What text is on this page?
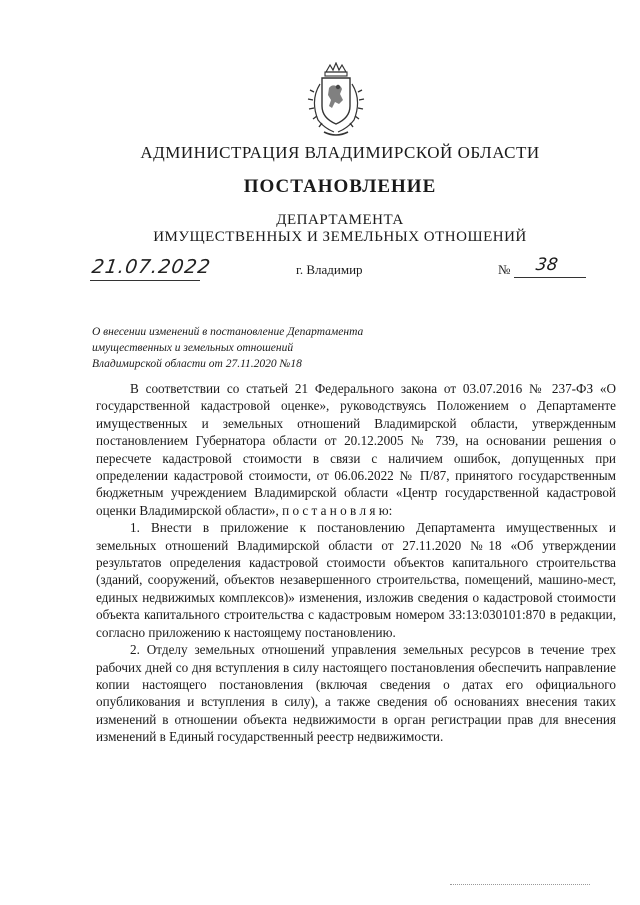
АДМИНИСТРАЦИЯ ВЛАДИМИРСКОЙ ОБЛАСТИ
ПОСТАНОВЛЕНИЕ
ДЕПАРТАМЕНТА
ИМУЩЕСТВЕННЫХ И ЗЕМЕЛЬНЫХ ОТНОШЕНИЙ
21.07.2022	г. Владимир	№ 38
О внесении изменений в постановление Департамента
имущественных и земельных отношений
Владимирской области от 27.11.2020 №18

В соответствии со статьей 21 Федерального закона от 03.07.2016 № 237-ФЗ «О государственной кадастровой оценке», руководствуясь Положением о Департаменте имущественных и земельных отношений Владимирской области, утвержденным постановлением Губернатора области от 20.12.2005 № 739, на основании решения о пересчете кадастровой стоимости в связи с наличием ошибок, допущенных при определении кадастровой стоимости, от 06.06.2022 № П/87, принятого государственным бюджетным учреждением Владимирской области «Центр государственной кадастровой оценки Владимирской области», п о с т а н о в л я ю:

1. Внести в приложение к постановлению Департамента имущественных и земельных отношений Владимирской области от 27.11.2020 №18 «Об утверждении результатов определения кадастровой стоимости объектов капитального строительства (зданий, сооружений, объектов незавершенного строительства, помещений, машино-мест, единых недвижимых комплексов)» изменения, изложив сведения о кадастровой стоимости объекта капитального строительства с кадастровым номером 33:13:030101:870 в редакции, согласно приложению к настоящему постановлению.

2. Отделу земельных отношений управления земельных ресурсов в течение трех рабочих дней со дня вступления в силу настоящего постановления обеспечить направление копии настоящего постановления (включая сведения о датах его официального опубликования и вступления в силу), а также сведения об основаниях внесения таких изменений в отношении объекта недвижимости в орган регистрации прав для внесения изменений в Единый государственный реестр недвижимости.
